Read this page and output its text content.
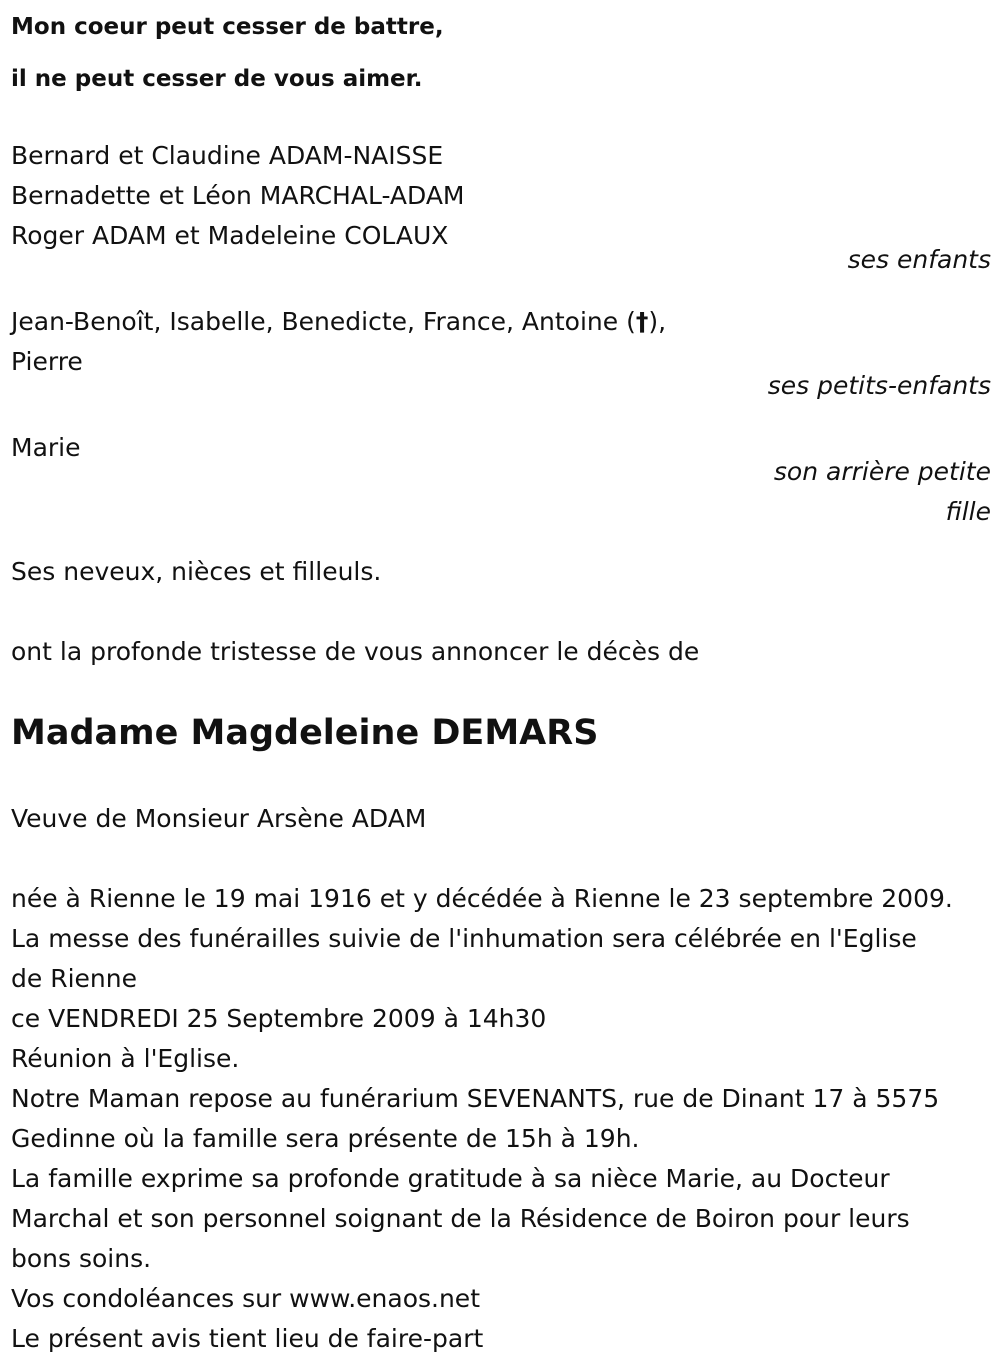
Mon coeur peut cesser de battre,
il ne peut cesser de vous aimer.
Bernard et Claudine ADAM-NAISSE
Bernadette et Léon MARCHAL-ADAM
Roger ADAM et Madeleine COLAUX
ses enfants
Jean-Benoît, Isabelle, Benedicte, France, Antoine (†),
Pierre
ses petits-enfants
Marie
son arrière petite
fille
Ses neveux, nièces et filleuls.
ont la profonde tristesse de vous annoncer le décès de
Madame Magdeleine DEMARS
Veuve de Monsieur Arsène ADAM
née à Rienne le 19 mai 1916 et y décédée à Rienne le 23 septembre 2009.
La messe des funérailles suivie de l'inhumation sera célébrée en l'Eglise
de Rienne
ce VENDREDI 25 Septembre 2009 à 14h30
Réunion à l'Eglise.
Notre Maman repose au funérarium SEVENANTS, rue de Dinant 17 à 5575
Gedinne où la famille sera présente de 15h à 19h.
La famille exprime sa profonde gratitude à sa nièce Marie, au Docteur
Marchal et son personnel soignant de la Résidence de Boiron pour leurs
bons soins.
Vos condoléances sur www.enaos.net
Le présent avis tient lieu de faire-part
